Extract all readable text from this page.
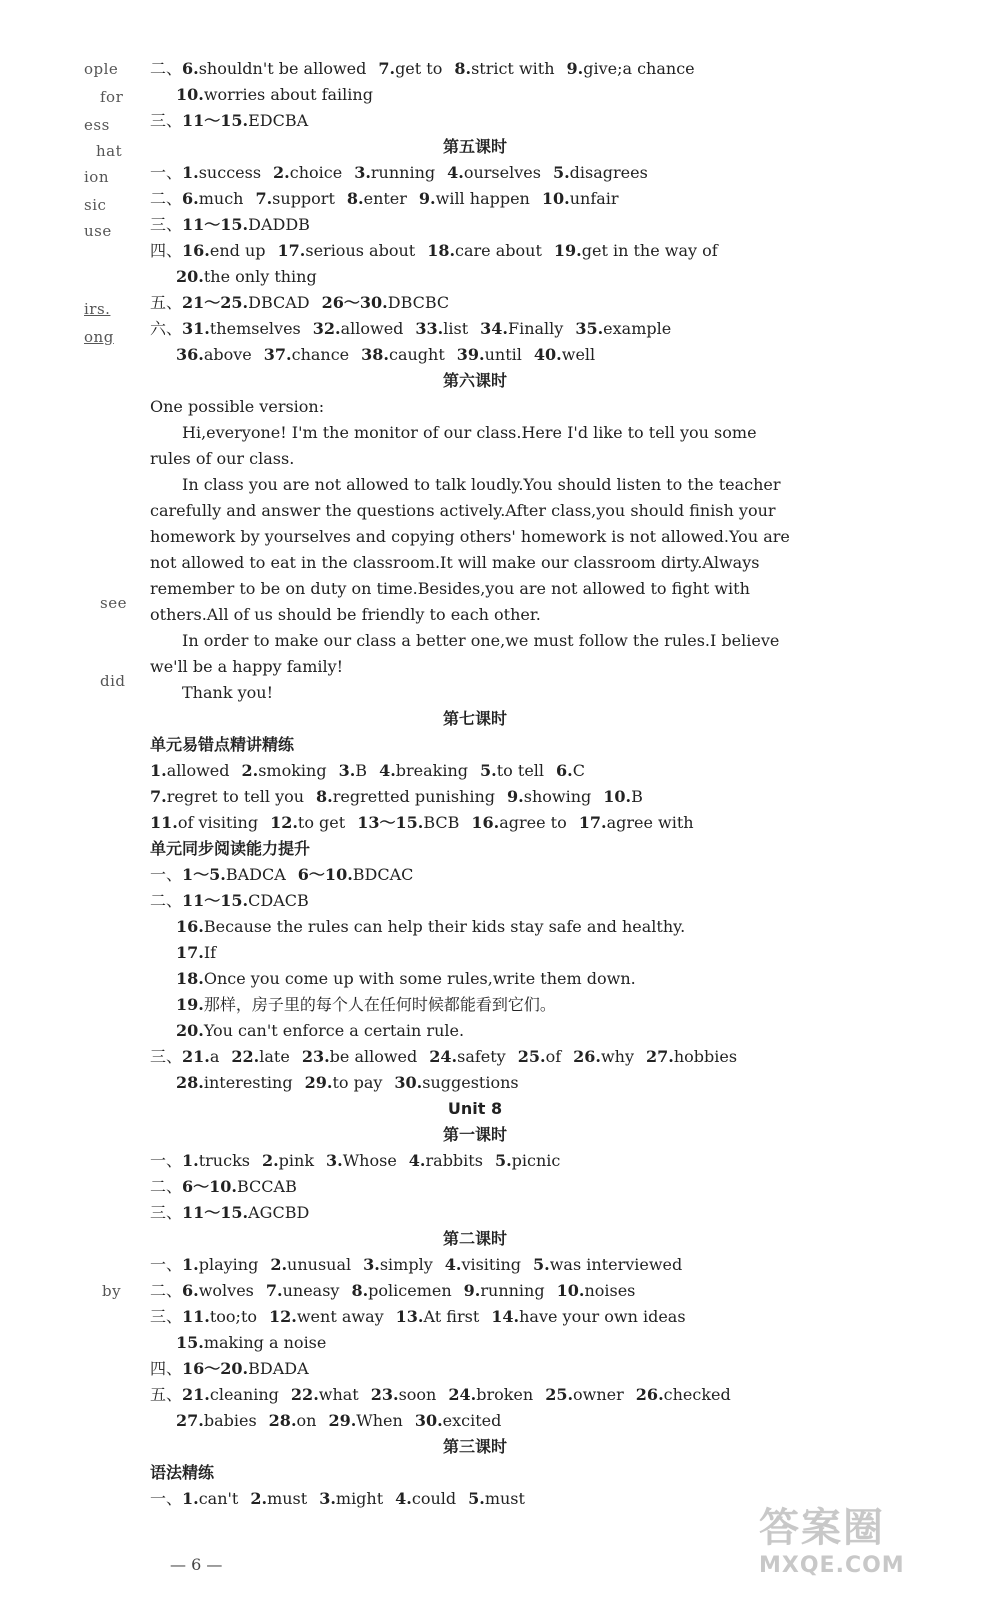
ople
for
ess
hat
ion
sic
use
irs.
ong
see
did
by
二、6.shouldn't be allowed 7.get to 8.strict with 9.give;a chance
10.worries about failing
三、11～15.EDCBA
第五课时
一、1.success 2.choice 3.running 4.ourselves 5.disagrees
二、6.much 7.support 8.enter 9.will happen 10.unfair
三、11～15.DADDB
四、16.end up 17.serious about 18.care about 19.get in the way of
20.the only thing
五、21～25.DBCAD 26～30.DBCBC
六、31.themselves 32.allowed 33.list 34.Finally 35.example
36.above 37.chance 38.caught 39.until 40.well
第六课时

One possible version:

Hi,everyone! I'm the monitor of our class.Here I'd like to tell you some rules of our class.

In class you are not allowed to talk loudly.You should listen to the teacher carefully and answer the questions actively.After class,you should finish your homework by yourselves and copying others' homework is not allowed.You are not allowed to eat in the classroom.It will make our classroom dirty.Always remember to be on duty on time.Besides,you are not allowed to fight with others.All of us should be friendly to each other.

In order to make our class a better one,we must follow the rules.I believe we'll be a happy family!

Thank you!

第七课时
单元易错点精讲精练
1.allowed 2.smoking 3.B 4.breaking 5.to tell 6.C
7.regret to tell you 8.regretted punishing 9.showing 10.B
11.of visiting 12.to get 13～15.BCB 16.agree to 17.agree with
单元同步阅读能力提升
一、1～5.BADCA 6～10.BDCAC
二、11～15.CDACB
16.Because the rules can help their kids stay safe and healthy.
17.If
18.Once you come up with some rules,write them down.
19.那样，房子里的每个人在任何时候都能看到它们。
20.You can't enforce a certain rule.
三、21.a 22.late 23.be allowed 24.safety 25.of 26.why 27.hobbies
28.interesting 29.to pay 30.suggestions
Unit 8
第一课时
一、1.trucks 2.pink 3.Whose 4.rabbits 5.picnic
二、6～10.BCCAB
三、11～15.AGCBD
第二课时
一、1.playing 2.unusual 3.simply 4.visiting 5.was interviewed
二、6.wolves 7.uneasy 8.policemen 9.running 10.noises
三、11.too;to 12.went away 13.At first 14.have your own ideas
15.making a noise
四、16～20.BDADA
五、21.cleaning 22.what 23.soon 24.broken 25.owner 26.checked
27.babies 28.on 29.When 30.excited
第三课时
语法精练
一、1.can't 2.must 3.might 4.could 5.must
— 6 —
答案圈
MXQE.COM
